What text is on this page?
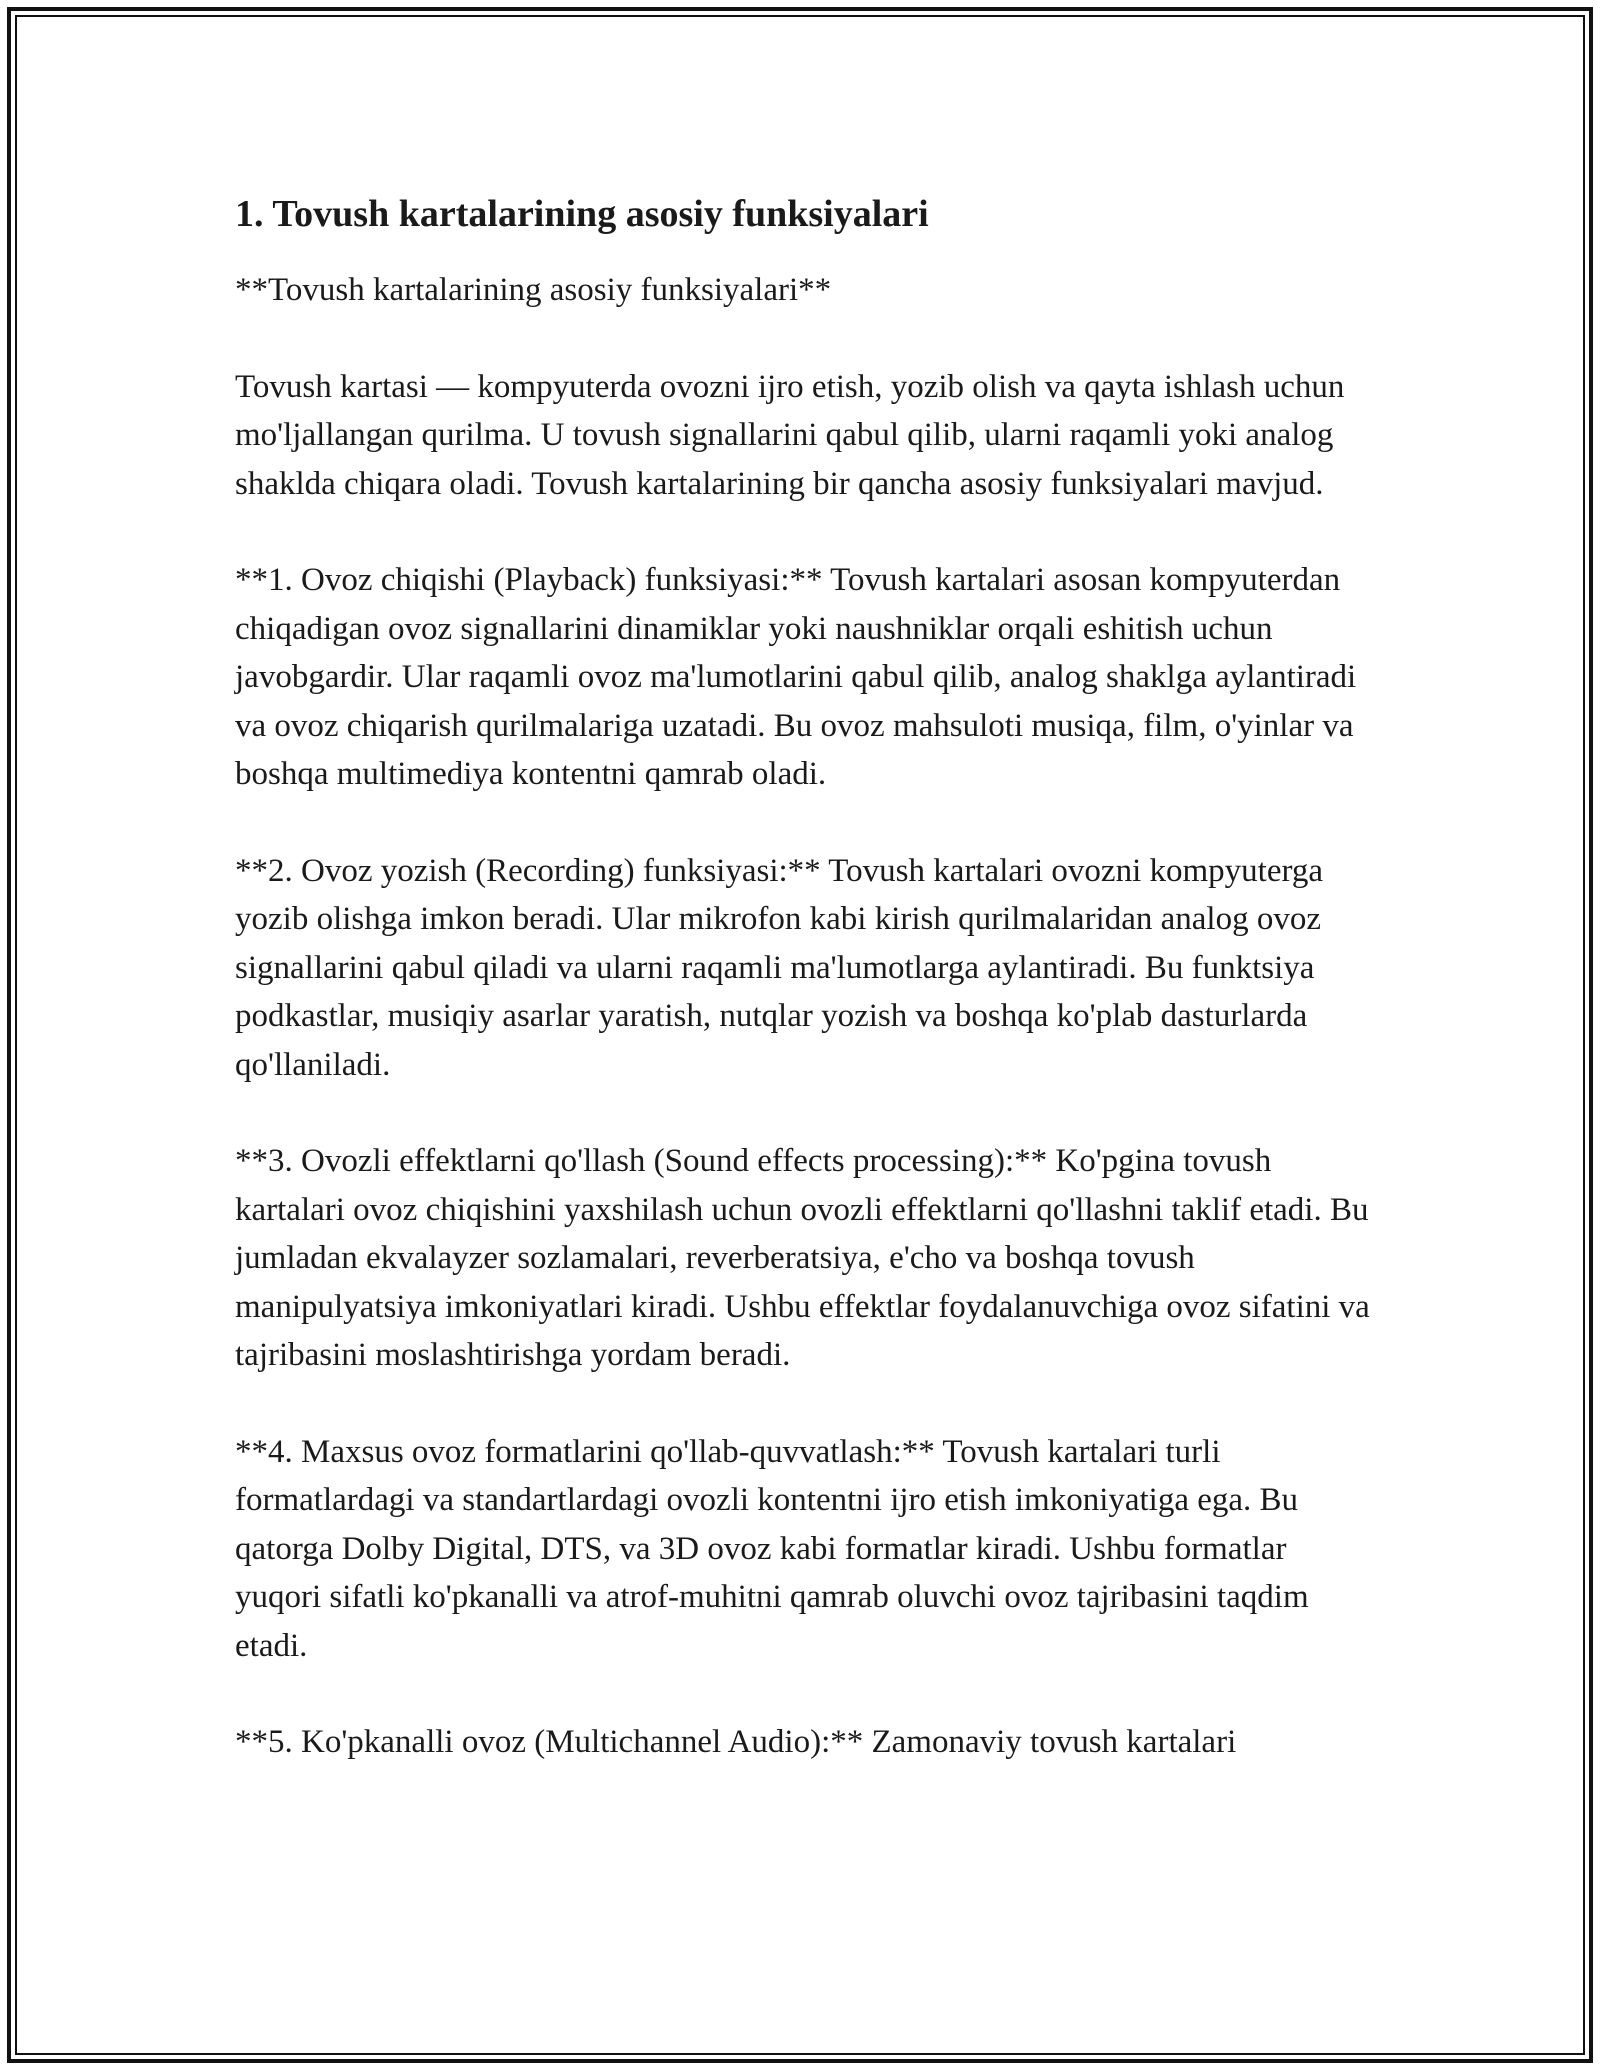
1. Tovush kartalarining asosiy funksiyalari

**Tovush kartalarining asosiy funksiyalari**

Tovush kartasi — kompyuterda ovozni ijro etish, yozib olish va qayta ishlash uchun mo'ljallangan qurilma. U tovush signallarini qabul qilib, ularni raqamli yoki analog shaklda chiqara oladi. Tovush kartalarining bir qancha asosiy funksiyalari mavjud.

**1. Ovoz chiqishi (Playback) funksiyasi:** Tovush kartalari asosan kompyuterdan chiqadigan ovoz signallarini dinamiklar yoki naushniklar orqali eshitish uchun javobgardir. Ular raqamli ovoz ma'lumotlarini qabul qilib, analog shaklga aylantiradi va ovoz chiqarish qurilmalariga uzatadi. Bu ovoz mahsuloti musiqa, film, o'yinlar va boshqa multimediya kontentni qamrab oladi.

**2. Ovoz yozish (Recording) funksiyasi:** Tovush kartalari ovozni kompyuterga yozib olishga imkon beradi. Ular mikrofon kabi kirish qurilmalaridan analog ovoz signallarini qabul qiladi va ularni raqamli ma'lumotlarga aylantiradi. Bu funktsiya podkastlar, musiqiy asarlar yaratish, nutqlar yozish va boshqa ko'plab dasturlarda qo'llaniladi.

**3. Ovozli effektlarni qo'llash (Sound effects processing):** Ko'pgina tovush kartalari ovoz chiqishini yaxshilash uchun ovozli effektlarni qo'llashni taklif etadi. Bu jumladan ekvalayzer sozlamalari, reverberatsiya, e'cho va boshqa tovush manipulyatsiya imkoniyatlari kiradi. Ushbu effektlar foydalanuvchiga ovoz sifatini va tajribasini moslashtirishga yordam beradi.

**4. Maxsus ovoz formatlarini qo'llab-quvvatlash:** Tovush kartalari turli formatlardagi va standartlardagi ovozli kontentni ijro etish imkoniyatiga ega. Bu qatorga Dolby Digital, DTS, va 3D ovoz kabi formatlar kiradi. Ushbu formatlar yuqori sifatli ko'pkanalli va atrof-muhitni qamrab oluvchi ovoz tajribasini taqdim etadi.

**5. Ko'pkanalli ovoz (Multichannel Audio):** Zamonaviy tovush kartalari
